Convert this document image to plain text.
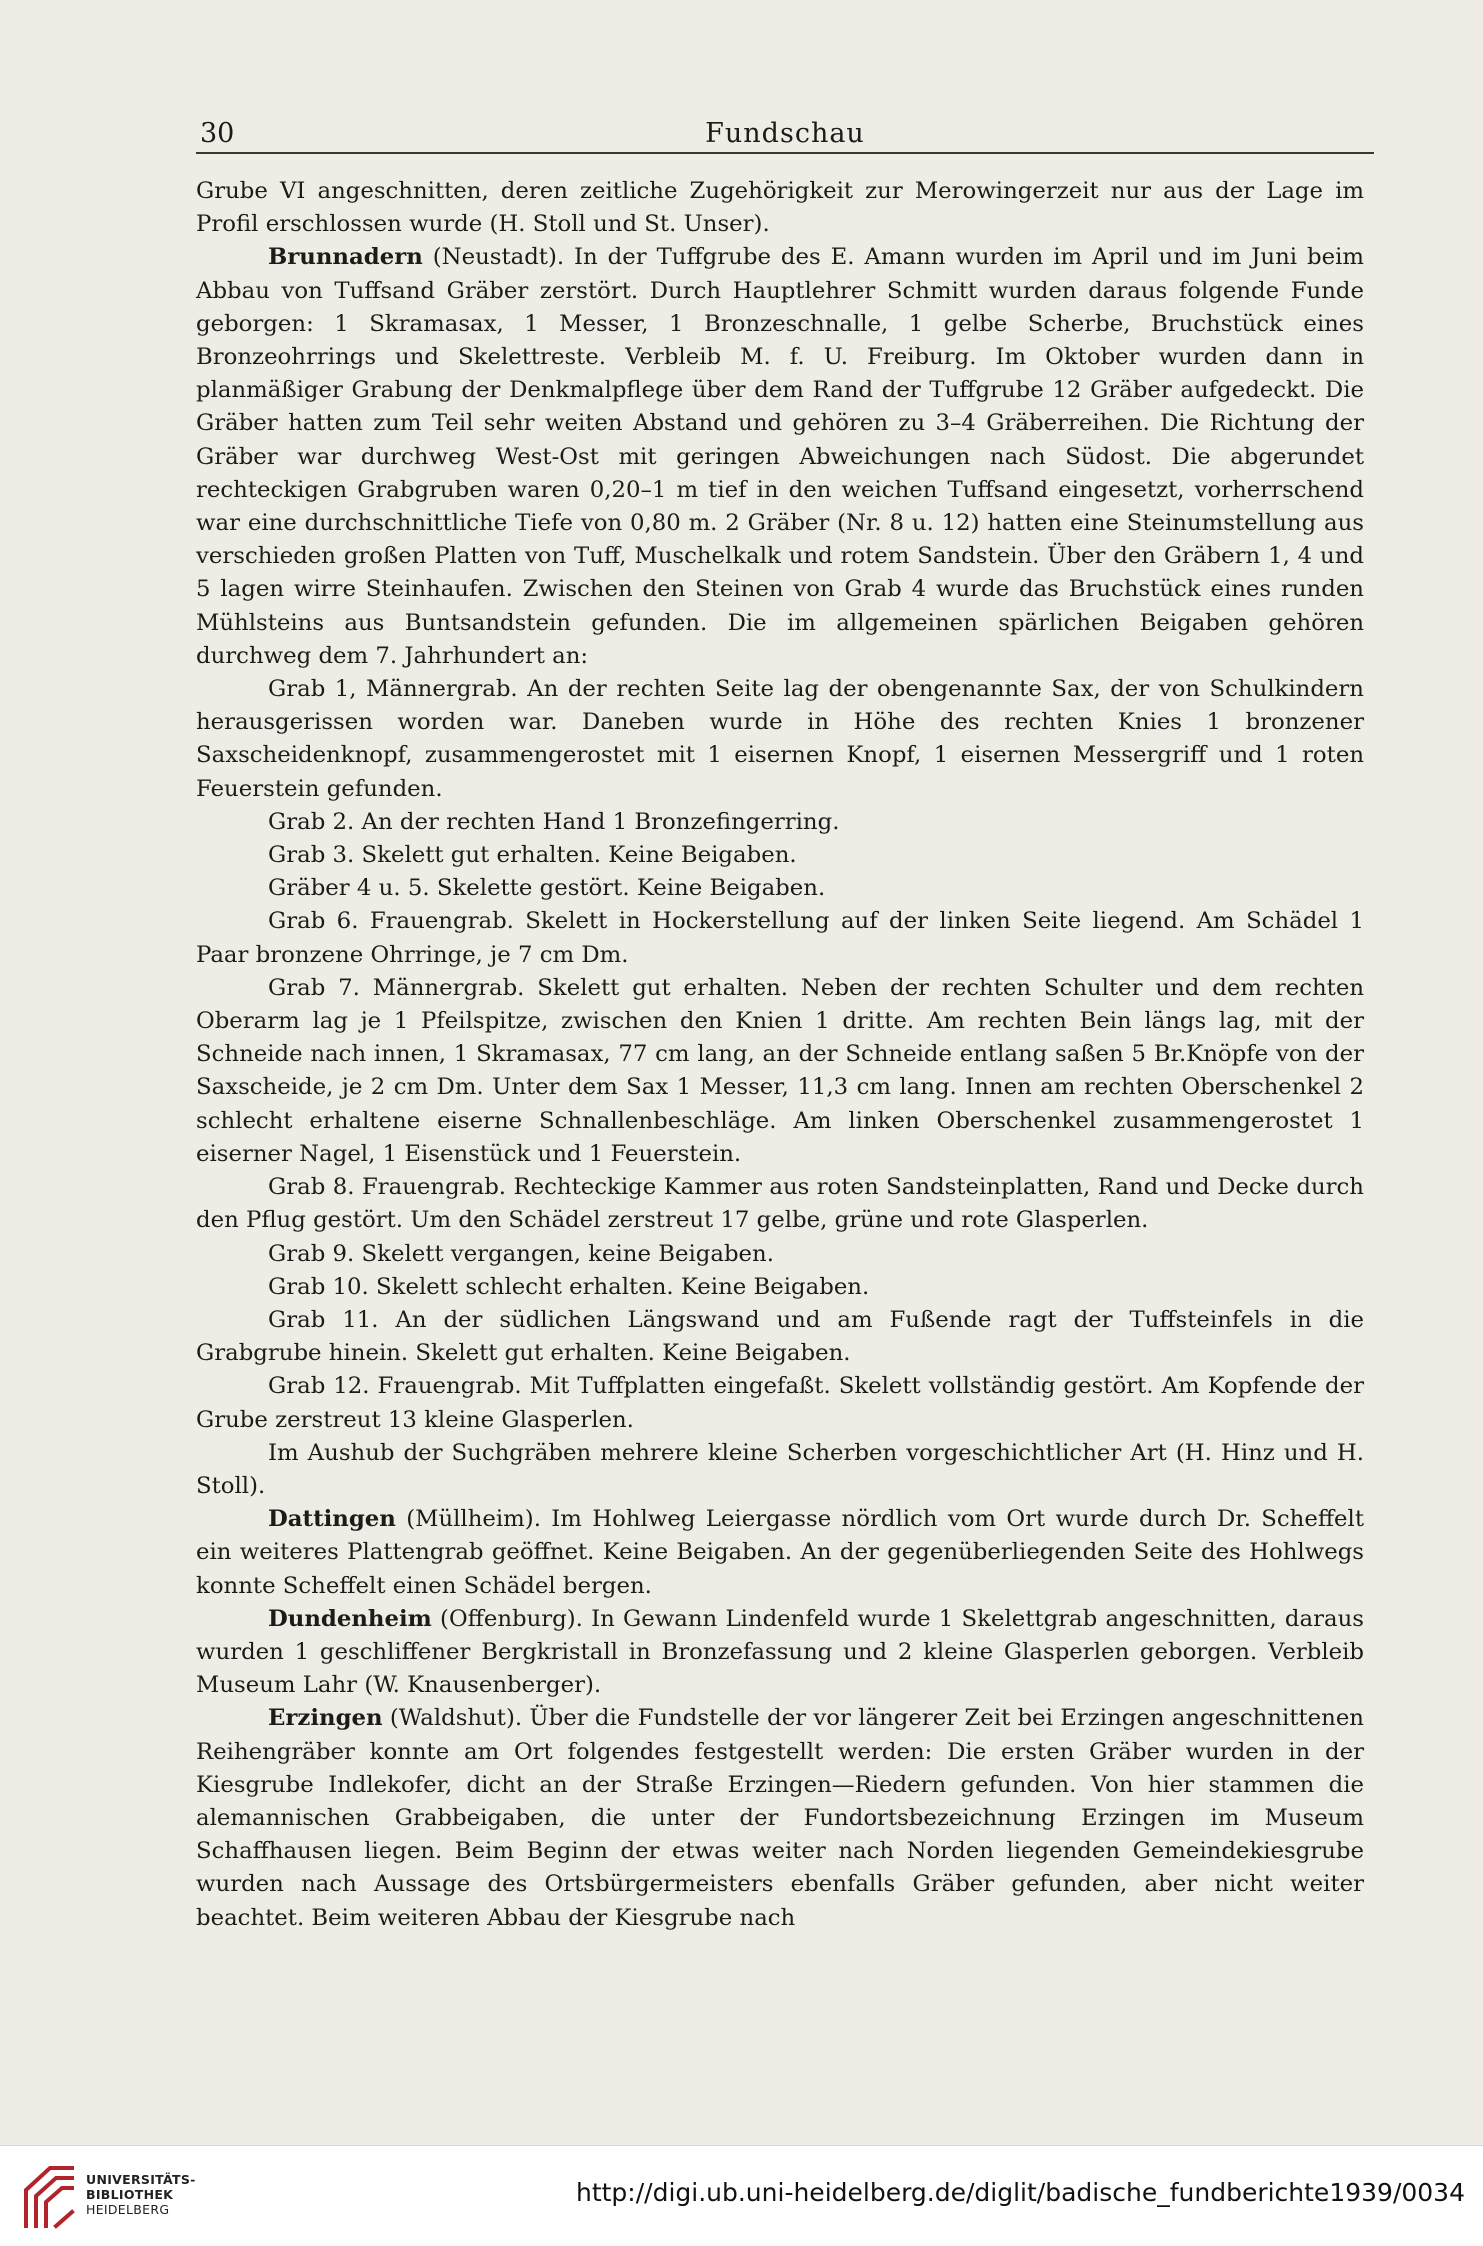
30	Fundschau

Grube VI angeschnitten, deren zeitliche Zugehörigkeit zur Merowingerzeit nur aus der Lage im Profil erschlossen wurde (H. Stoll und St. Unser).

Brunnadern (Neustadt). In der Tuffgrube des E. Amann wurden im April und im Juni beim Abbau von Tuffsand Gräber zerstört. Durch Hauptlehrer Schmitt wurden daraus folgende Funde geborgen: 1 Skramasax, 1 Messer, 1 Bronzeschnalle, 1 gelbe Scherbe, Bruchstück eines Bronzeohrrings und Skelettreste. Verbleib M. f. U. Freiburg. Im Oktober wurden dann in planmäßiger Grabung der Denkmalpflege über dem Rand der Tuffgrube 12 Gräber aufgedeckt. Die Gräber hatten zum Teil sehr weiten Abstand und gehören zu 3–4 Gräberreihen. Die Richtung der Gräber war durchweg West-Ost mit geringen Abweichungen nach Südost. Die abgerundet rechteckigen Grabgruben waren 0,20–1 m tief in den weichen Tuffsand eingesetzt, vorherrschend war eine durchschnittliche Tiefe von 0,80 m. 2 Gräber (Nr. 8 u. 12) hatten eine Steinumstellung aus verschieden großen Platten von Tuff, Muschelkalk und rotem Sandstein. Über den Gräbern 1, 4 und 5 lagen wirre Steinhaufen. Zwischen den Steinen von Grab 4 wurde das Bruchstück eines runden Mühlsteins aus Buntsandstein gefunden. Die im allgemeinen spärlichen Beigaben gehören durchweg dem 7. Jahrhundert an:

Grab 1, Männergrab. An der rechten Seite lag der obengenannte Sax, der von Schulkindern herausgerissen worden war. Daneben wurde in Höhe des rechten Knies 1 bronzener Saxscheidenknopf, zusammengerostet mit 1 eisernen Knopf, 1 eisernen Messergriff und 1 roten Feuerstein gefunden.

Grab 2. An der rechten Hand 1 Bronzefingerring.

Grab 3. Skelett gut erhalten. Keine Beigaben.

Gräber 4 u. 5. Skelette gestört. Keine Beigaben.

Grab 6. Frauengrab. Skelett in Hockerstellung auf der linken Seite liegend. Am Schädel 1 Paar bronzene Ohrringe, je 7 cm Dm.

Grab 7. Männergrab. Skelett gut erhalten. Neben der rechten Schulter und dem rechten Oberarm lag je 1 Pfeilspitze, zwischen den Knien 1 dritte. Am rechten Bein längs lag, mit der Schneide nach innen, 1 Skramasax, 77 cm lang, an der Schneide entlang saßen 5 Br.Knöpfe von der Saxscheide, je 2 cm Dm. Unter dem Sax 1 Messer, 11,3 cm lang. Innen am rechten Oberschenkel 2 schlecht erhaltene eiserne Schnallenbeschläge. Am linken Oberschenkel zusammengerostet 1 eiserner Nagel, 1 Eisenstück und 1 Feuerstein.

Grab 8. Frauengrab. Rechteckige Kammer aus roten Sandsteinplatten, Rand und Decke durch den Pflug gestört. Um den Schädel zerstreut 17 gelbe, grüne und rote Glasperlen.

Grab 9. Skelett vergangen, keine Beigaben.

Grab 10. Skelett schlecht erhalten. Keine Beigaben.

Grab 11. An der südlichen Längswand und am Fußende ragt der Tuffsteinfels in die Grabgrube hinein. Skelett gut erhalten. Keine Beigaben.

Grab 12. Frauengrab. Mit Tuffplatten eingefaßt. Skelett vollständig gestört. Am Kopfende der Grube zerstreut 13 kleine Glasperlen.

Im Aushub der Suchgräben mehrere kleine Scherben vorgeschichtlicher Art (H. Hinz und H. Stoll).

Dattingen (Müllheim). Im Hohlweg Leiergasse nördlich vom Ort wurde durch Dr. Scheffelt ein weiteres Plattengrab geöffnet. Keine Beigaben. An der gegenüberliegenden Seite des Hohlwegs konnte Scheffelt einen Schädel bergen.

Dundenheim (Offenburg). In Gewann Lindenfeld wurde 1 Skelettgrab angeschnitten, daraus wurden 1 geschliffener Bergkristall in Bronzefassung und 2 kleine Glasperlen geborgen. Verbleib Museum Lahr (W. Knausenberger).

Erzingen (Waldshut). Über die Fundstelle der vor längerer Zeit bei Erzingen angeschnittenen Reihengräber konnte am Ort folgendes festgestellt werden: Die ersten Gräber wurden in der Kiesgrube Indlekofer, dicht an der Straße Erzingen—Riedern gefunden. Von hier stammen die alemannischen Grabbeigaben, die unter der Fundortsbezeichnung Erzingen im Museum Schaffhausen liegen. Beim Beginn der etwas weiter nach Norden liegenden Gemeindekiesgrube wurden nach Aussage des Ortsbürgermeisters ebenfalls Gräber gefunden, aber nicht weiter beachtet. Beim weiteren Abbau der Kiesgrube nach

UNIVERSITÄTS-
BIBLIOTHEK
HEIDELBERG
http://digi.ub.uni-heidelberg.de/diglit/badische_fundberichte1939/0034
